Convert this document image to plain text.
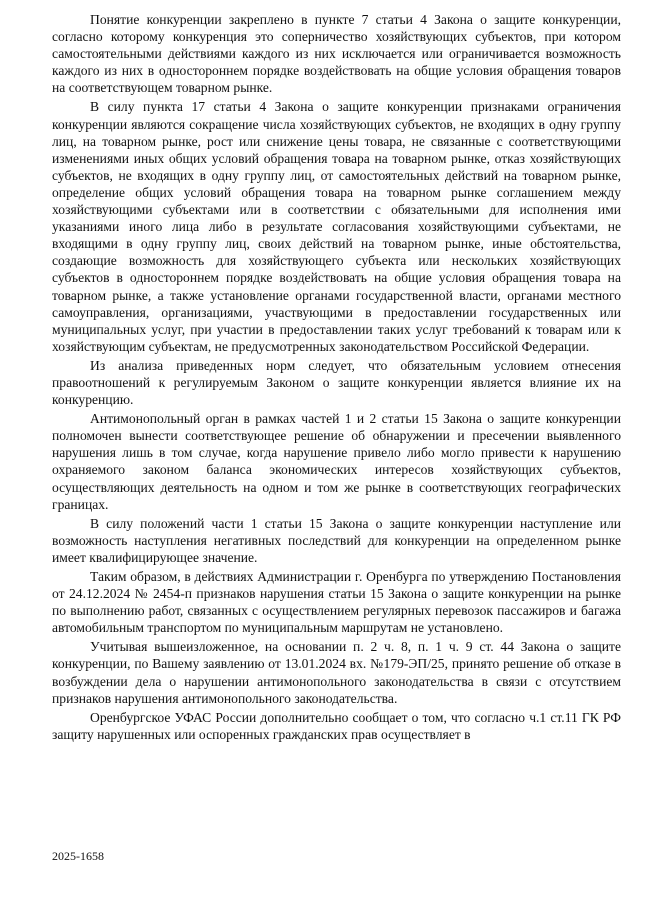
Понятие конкуренции закреплено в пункте 7 статьи 4 Закона о защите конкуренции, согласно которому конкуренция это соперничество хозяйствующих субъектов, при котором самостоятельными действиями каждого из них исключается или ограничивается возможность каждого из них в одностороннем порядке воздействовать на общие условия обращения товаров на соответствующем товарном рынке.

В силу пункта 17 статьи 4 Закона о защите конкуренции признаками ограничения конкуренции являются сокращение числа хозяйствующих субъектов, не входящих в одну группу лиц, на товарном рынке, рост или снижение цены товара, не связанные с соответствующими изменениями иных общих условий обращения товара на товарном рынке, отказ хозяйствующих субъектов, не входящих в одну группу лиц, от самостоятельных действий на товарном рынке, определение общих условий обращения товара на товарном рынке соглашением между хозяйствующими субъектами или в соответствии с обязательными для исполнения ими указаниями иного лица либо в результате согласования хозяйствующими субъектами, не входящими в одну группу лиц, своих действий на товарном рынке, иные обстоятельства, создающие возможность для хозяйствующего субъекта или нескольких хозяйствующих субъектов в одностороннем порядке воздействовать на общие условия обращения товара на товарном рынке, а также установление органами государственной власти, органами местного самоуправления, организациями, участвующими в предоставлении государственных или муниципальных услуг, при участии в предоставлении таких услуг требований к товарам или к хозяйствующим субъектам, не предусмотренных законодательством Российской Федерации.

Из анализа приведенных норм следует, что обязательным условием отнесения правоотношений к регулируемым Законом о защите конкуренции является влияние их на конкуренцию.

Антимонопольный орган в рамках частей 1 и 2 статьи 15 Закона о защите конкуренции полномочен вынести соответствующее решение об обнаружении и пресечении выявленного нарушения лишь в том случае, когда нарушение привело либо могло привести к нарушению охраняемого законом баланса экономических интересов хозяйствующих субъектов, осуществляющих деятельность на одном и том же рынке в соответствующих географических границах.

В силу положений части 1 статьи 15 Закона о защите конкуренции наступление или возможность наступления негативных последствий для конкуренции на определенном рынке имеет квалифицирующее значение.

Таким образом, в действиях Администрации г. Оренбурга по утверждению Постановления от 24.12.2024 № 2454-п признаков нарушения статьи 15 Закона о защите конкуренции на рынке по выполнению работ, связанных с осуществлением регулярных перевозок пассажиров и багажа автомобильным транспортом по муниципальным маршрутам не установлено.

Учитывая вышеизложенное, на основании п. 2 ч. 8, п. 1 ч. 9 ст. 44 Закона о защите конкуренции, по Вашему заявлению от 13.01.2024 вх. №179-ЭП/25, принято решение об отказе в возбуждении дела о нарушении антимонопольного законодательства в связи с отсутствием признаков нарушения антимонопольного законодательства.

Оренбургское УФАС России дополнительно сообщает о том, что согласно ч.1 ст.11 ГК РФ защиту нарушенных или оспоренных гражданских прав осуществляет в

2025-1658
